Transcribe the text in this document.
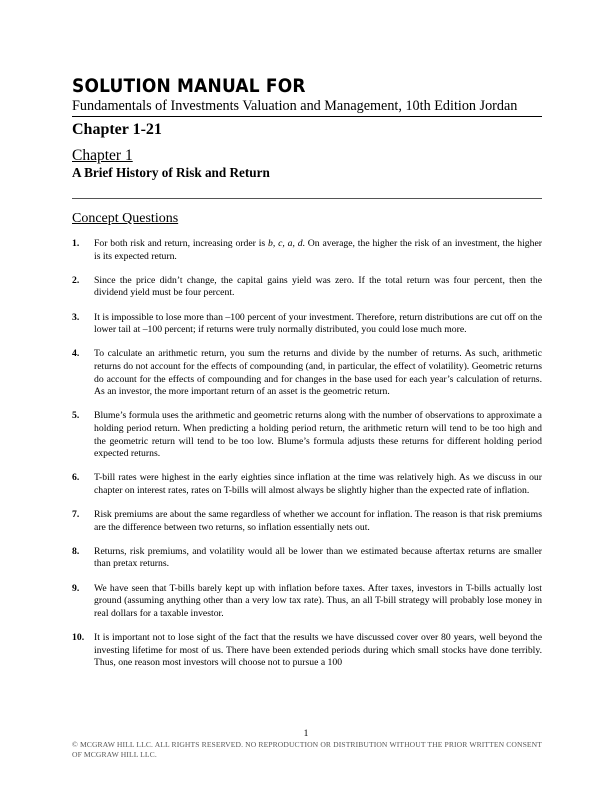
SOLUTION MANUAL FOR
Fundamentals of Investments Valuation and Management, 10th Edition Jordan
Chapter 1-21
Chapter 1
A Brief History of Risk and Return
Concept Questions
1.	For both risk and return, increasing order is b, c, a, d. On average, the higher the risk of an investment, the higher is its expected return.
2.	Since the price didn’t change, the capital gains yield was zero. If the total return was four percent, then the dividend yield must be four percent.
3.	It is impossible to lose more than –100 percent of your investment. Therefore, return distributions are cut off on the lower tail at –100 percent; if returns were truly normally distributed, you could lose much more.
4.	To calculate an arithmetic return, you sum the returns and divide by the number of returns. As such, arithmetic returns do not account for the effects of compounding (and, in particular, the effect of volatility). Geometric returns do account for the effects of compounding and for changes in the base used for each year’s calculation of returns. As an investor, the more important return of an asset is the geometric return.
5.	Blume’s formula uses the arithmetic and geometric returns along with the number of observations to approximate a holding period return. When predicting a holding period return, the arithmetic return will tend to be too high and the geometric return will tend to be too low. Blume’s formula adjusts these returns for different holding period expected returns.
6.	T-bill rates were highest in the early eighties since inflation at the time was relatively high. As we discuss in our chapter on interest rates, rates on T-bills will almost always be slightly higher than the expected rate of inflation.
7.	Risk premiums are about the same regardless of whether we account for inflation. The reason is that risk premiums are the difference between two returns, so inflation essentially nets out.
8.	Returns, risk premiums, and volatility would all be lower than we estimated because aftertax returns are smaller than pretax returns.
9.	We have seen that T-bills barely kept up with inflation before taxes. After taxes, investors in T-bills actually lost ground (assuming anything other than a very low tax rate). Thus, an all T-bill strategy will probably lose money in real dollars for a taxable investor.
10.	It is important not to lose sight of the fact that the results we have discussed cover over 80 years, well beyond the investing lifetime for most of us. There have been extended periods during which small stocks have done terribly. Thus, one reason most investors will choose not to pursue a 100
1
© MCGRAW HILL LLC. ALL RIGHTS RESERVED. NO REPRODUCTION OR DISTRIBUTION WITHOUT THE PRIOR WRITTEN CONSENT OF MCGRAW HILL LLC.
